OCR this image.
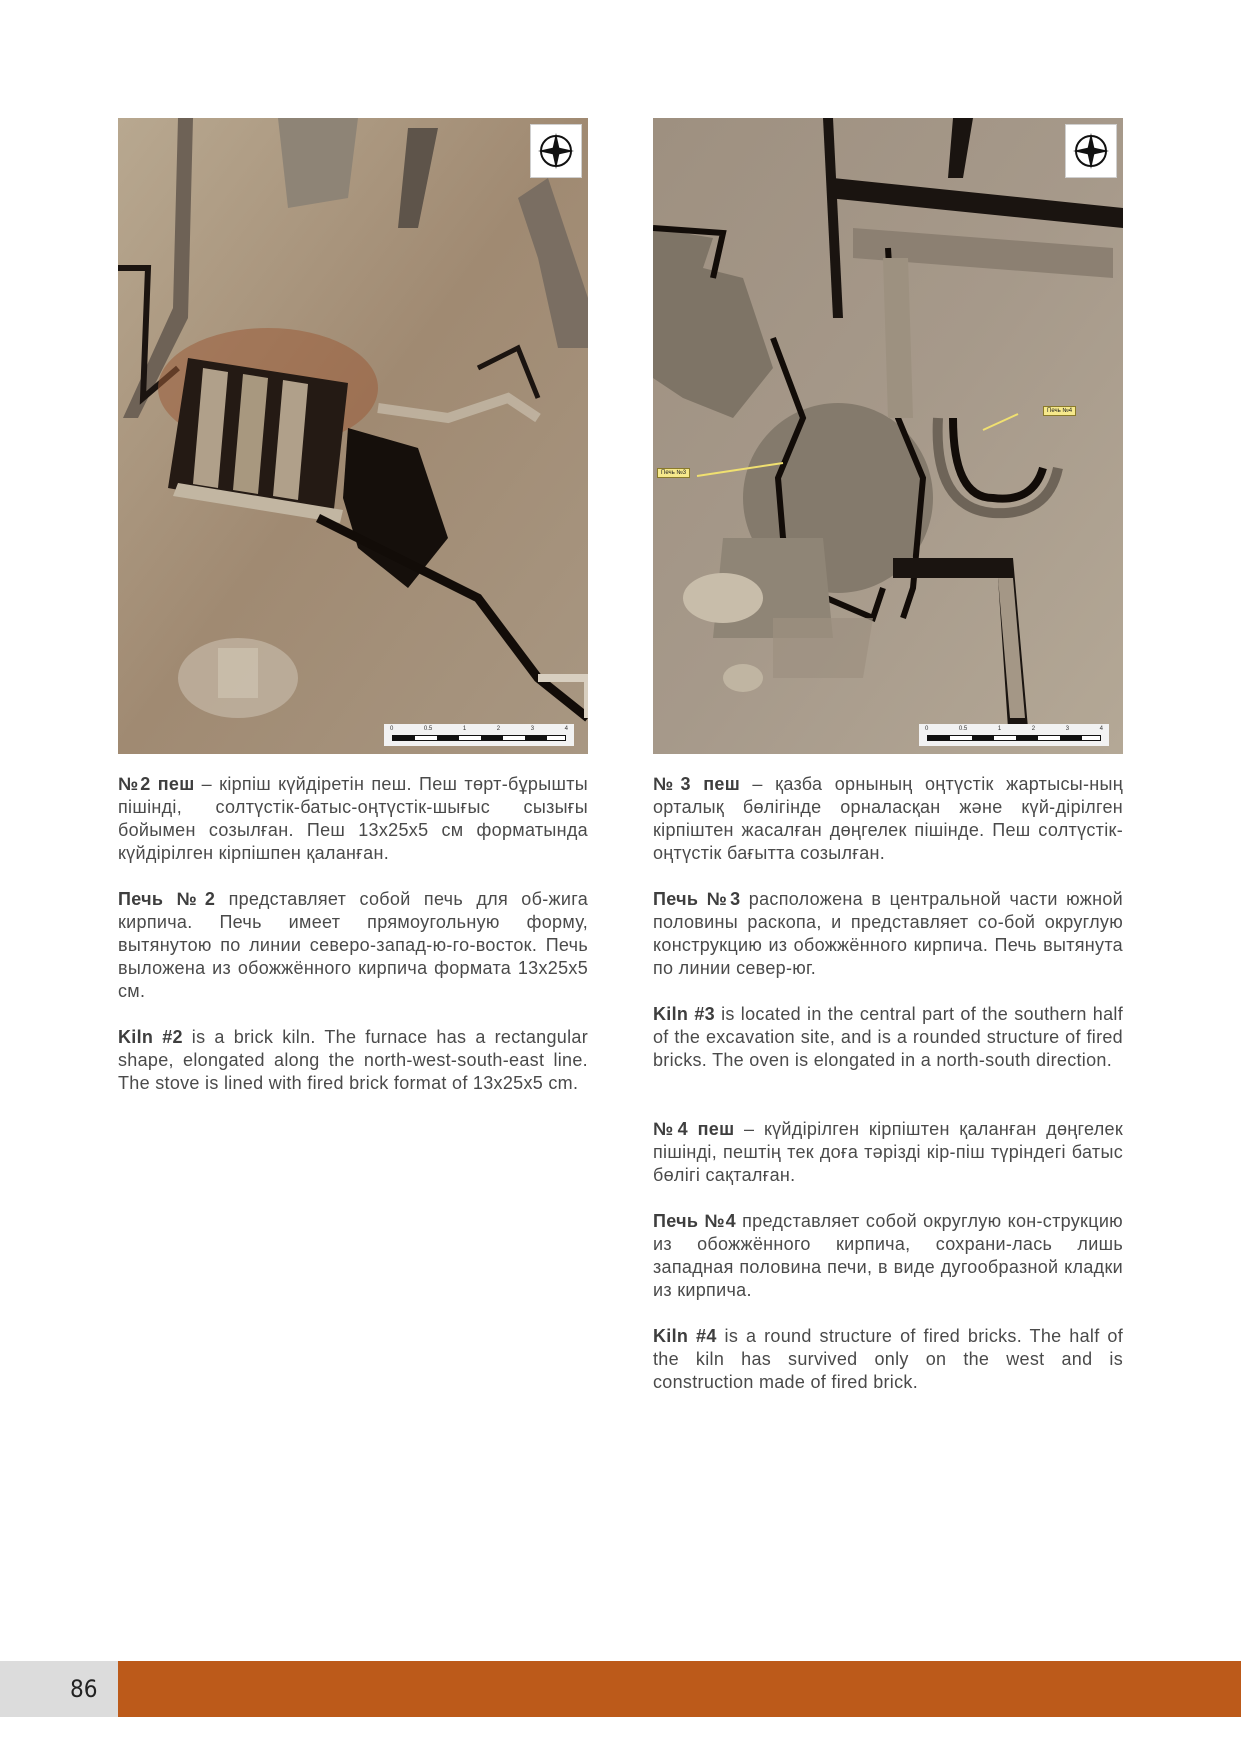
0	0.5	1	2	3	4
Печь №3
Печь №4
0	0.5	1	2	3	4

№2 пеш – кірпіш күйдіретін пеш. Пеш төрт-бұрышты пішінді, солтүстік-батыс-оңтүстік-шығыс сызығы бойымен созылған. Пеш 13х25х5 см форматында күйдірілген кірпішпен қаланған.

Печь №2 представляет собой печь для об-жига кирпича. Печь имеет прямоугольную форму, вытянутою по линии северо-запад-ю-го-восток. Печь выложена из обожжённого кирпича формата 13х25х5 см.

Kiln #2 is a brick kiln. The furnace has a rectangular shape, elongated along the north-west-south-east line. The stove is lined with fired brick format of 13x25x5 cm.

№3 пеш – қазба орнының оңтүстік жартысы-ның орталық бөлігінде орналасқан және күй-дірілген кірпіштен жасалған дөңгелек пішінде. Пеш солтүстік-оңтүстік бағытта созылған.

Печь №3 расположена в центральной части южной половины раскопа, и представляет со-бой округлую конструкцию из обожжённого кирпича. Печь вытянута по линии север-юг.

Kiln #3 is located in the central part of the southern half of the excavation site, and is a rounded structure of fired bricks. The oven is elongated in a north-south direction.

№4 пеш – күйдірілген кірпіштен қаланған дөңгелек пішінді, пештің тек доға тәрізді кір-піш түріндегі батыс бөлігі сақталған.

Печь №4 представляет собой округлую кон-струкцию из обожжённого кирпича, сохрани-лась лишь западная половина печи, в виде дугообразной кладки из кирпича.

Kiln #4 is a round structure of fired bricks. The half of the kiln has survived only on the west and is construction made of fired brick.

86
